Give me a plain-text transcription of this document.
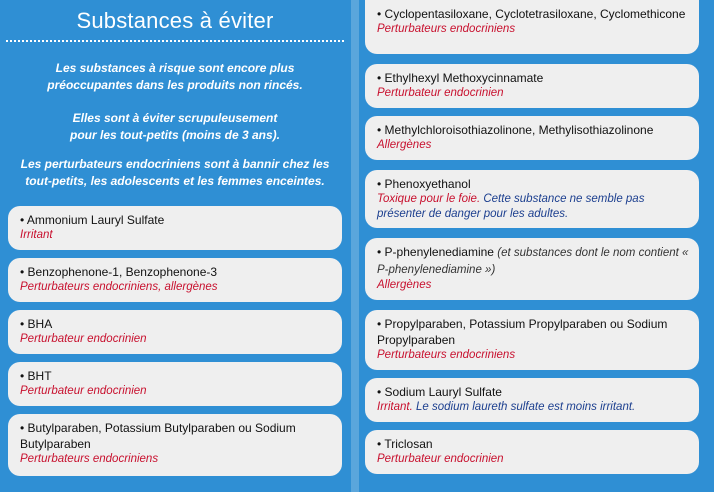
Substances à éviter
Les substances à risque sont encore plus
préoccupantes dans les produits non rincés.
Elles sont à éviter scrupuleusement
pour les tout-petits (moins de 3 ans).
Les perturbateurs endocriniens sont à bannir chez les
tout-petits, les adolescents et les femmes enceintes.
• Ammonium Lauryl Sulfate
Irritant
• Benzophenone-1, Benzophenone-3
Perturbateurs endocriniens, allergènes
• BHA
Perturbateur endocrinien
• BHT
Perturbateur endocrinien
• Butylparaben, Potassium Butylparaben ou Sodium Butylparaben
Perturbateurs endocriniens
• Cyclopentasiloxane, Cyclotetrasiloxane, Cyclomethicone
Perturbateurs endocriniens
• Ethylhexyl Methoxycinnamate
Perturbateur endocrinien
• Methylchloroisothiazolinone, Methylisothiazolinone
Allergènes
• Phenoxyethanol
Toxique pour le foie. Cette substance ne semble pas présenter de danger pour les adultes.
• P-phenylenediamine (et substances dont le nom contient « P-phenylenediamine »)
Allergènes
• Propylparaben, Potassium Propylparaben ou Sodium Propylparaben
Perturbateurs endocriniens
• Sodium Lauryl Sulfate
Irritant. Le sodium laureth sulfate est moins irritant.
• Triclosan
Perturbateur endocrinien
